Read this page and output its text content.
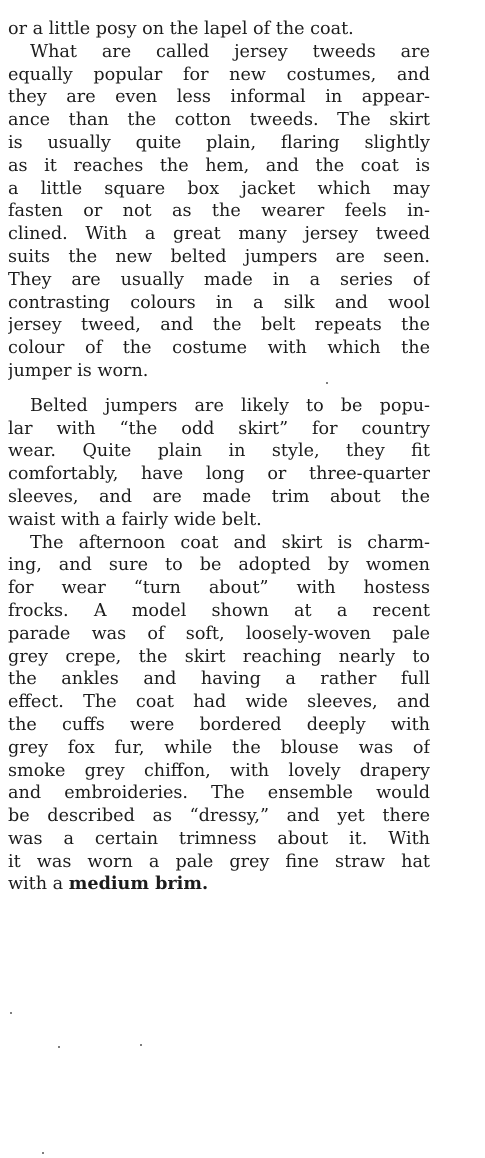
or a little posy on the lapel of the coat.
What are called jersey tweeds are
equally popular for new costumes, and
they are even less informal in appear-
ance than the cotton tweeds. The skirt
is usually quite plain, flaring slightly
as it reaches the hem, and the coat is
a little square box jacket which may
fasten or not as the wearer feels in-
clined. With a great many jersey tweed
suits the new belted jumpers are seen.
They are usually made in a series of
contrasting colours in a silk and wool
jersey tweed, and the belt repeats the
colour of the costume with which the
jumper is worn.
Belted jumpers are likely to be popu-
lar with “the odd skirt” for country
wear. Quite plain in style, they fit
comfortably, have long or three-quarter
sleeves, and are made trim about the
waist with a fairly wide belt.
The afternoon coat and skirt is charm-
ing, and sure to be adopted by women
for wear “turn about” with hostess
frocks. A model shown at a recent
parade was of soft, loosely-woven pale
grey crepe, the skirt reaching nearly to
the ankles and having a rather full
effect. The coat had wide sleeves, and
the cuffs were bordered deeply with
grey fox fur, while the blouse was of
smoke grey chiffon, with lovely drapery
and embroideries. The ensemble would
be described as “dressy,” and yet there
was a certain trimness about it. With
it was worn a pale grey fine straw hat
with a medium brim.
